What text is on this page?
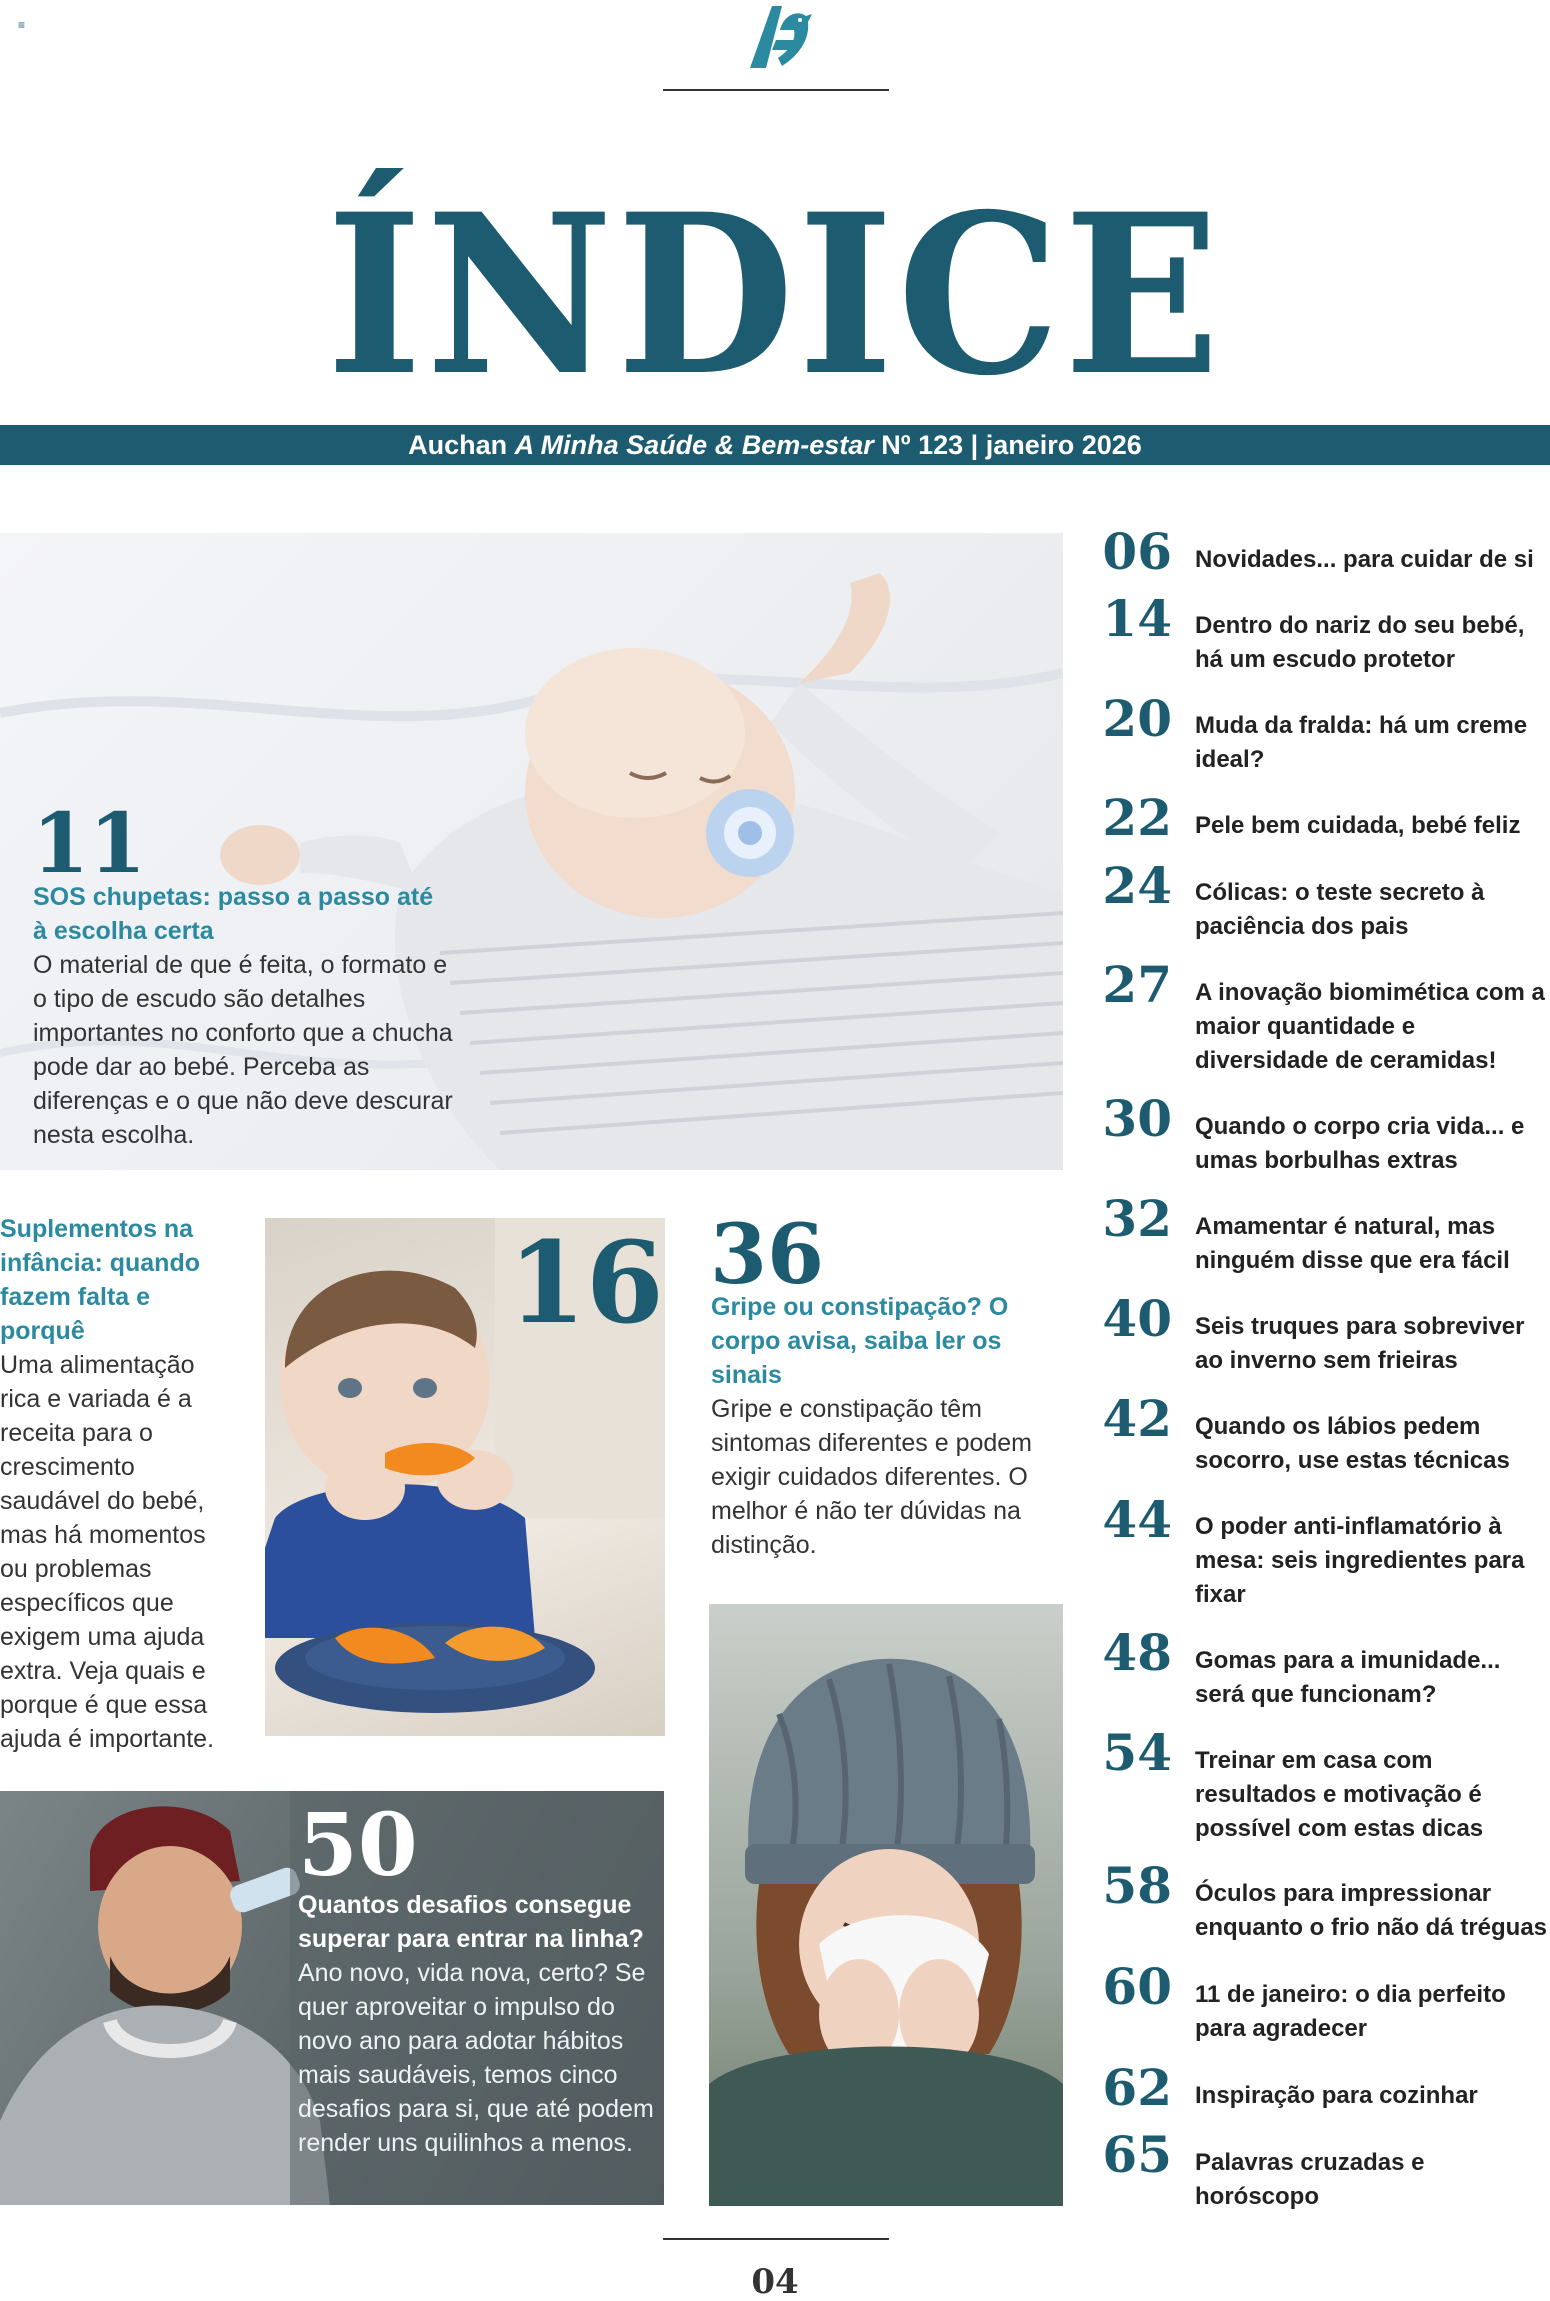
≡
ÍNDICE
Auchan A Minha Saúde & Bem-estar Nº 123 | janeiro 2026
11
SOS chupetas: passo a passo até à escolha certa
O material de que é feita, o formato e o tipo de escudo são detalhes importantes no conforto que a chucha pode dar ao bebé. Perceba as diferenças e o que não deve descurar nesta escolha.
Suplementos na infância: quando fazem falta e porquê
Uma alimentação rica e variada é a receita para o crescimento saudável do bebé, mas há momentos ou problemas específicos que exigem uma ajuda extra. Veja quais e porque é que essa ajuda é importante.
16 36
Gripe ou constipação? O corpo avisa, saiba ler os sinais
Gripe e constipação têm sintomas diferentes e podem exigir cuidados diferentes. O melhor é não ter dúvidas na distinção.
50
Quantos desafios consegue superar para entrar na linha?
Ano novo, vida nova, certo? Se quer aproveitar o impulso do novo ano para adotar hábitos mais saudáveis, temos cinco desafios para si, que até podem render uns quilinhos a menos.
06 Novidades... para cuidar de si
14 Dentro do nariz do seu bebé, há um escudo protetor
20 Muda da fralda: há um creme ideal?
22 Pele bem cuidada, bebé feliz
24 Cólicas: o teste secreto à paciência dos pais
27 A inovação biomimética com a maior quantidade e diversidade de ceramidas!
30 Quando o corpo cria vida... e umas borbulhas extras
32 Amamentar é natural, mas ninguém disse que era fácil
40 Seis truques para sobreviver ao inverno sem frieiras
42 Quando os lábios pedem socorro, use estas técnicas
44 O poder anti-inflamatório à mesa: seis ingredientes para fixar
48 Gomas para a imunidade... será que funcionam?
54 Treinar em casa com resultados e motivação é possível com estas dicas
58 Óculos para impressionar enquanto o frio não dá tréguas
60 11 de janeiro: o dia perfeito para agradecer
62 Inspiração para cozinhar
65 Palavras cruzadas e horóscopo
04
